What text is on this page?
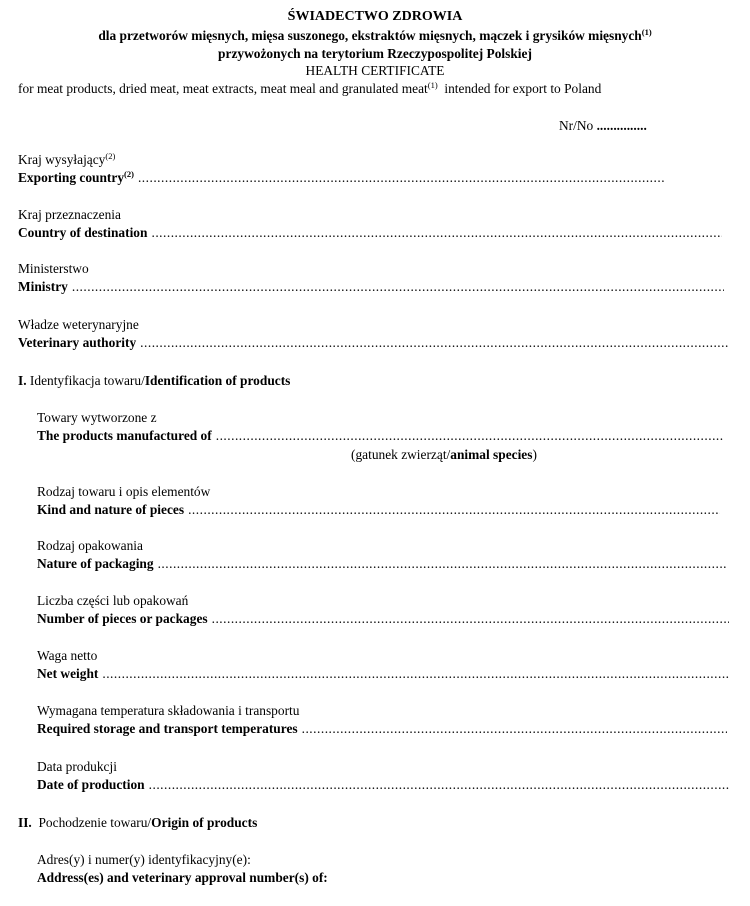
ŚWIADECTWO ZDROWIA
dla przetworów mięsnych, mięsa suszonego, ekstraktów mięsnych, mączek i grysików mięsnych$^{(1)}$
przywożonych na terytorium Rzeczypospolitej Polskiej
HEALTH CERTIFICATE
for meat products, dried meat, meat extracts, meat meal and granulated meat$^{(1)}$ intended for export to Poland
Nr/No ...............
Kraj wysyłający$^{(2)}$
Exporting country$^{(2)}$
.....
Kraj przeznaczenia
Country of destination
.....
Ministerstwo
Ministry
.....
Władze weterynaryjne
Veterinary authority
.....
I. Identyfikacja towaru/Identification of products
Towary wytworzone z
The products manufactured of
.....
(gatunek zwierząt/animal species)
Rodzaj towaru i opis elementów
Kind and nature of pieces
.....
Rodzaj opakowania
Nature of packaging
.....
Liczba części lub opakowań
Number of pieces or packages
.....
Waga netto
Net weight
.....
Wymagana temperatura składowania i transportu
Required storage and transport temperatures
.....
Data produkcji
Date of production
.....
II. Pochodzenie towaru/Origin of products
Adres(y) i numer(y) identyfikacyjny(e):
Address(es) and veterinary approval number(s) of:
